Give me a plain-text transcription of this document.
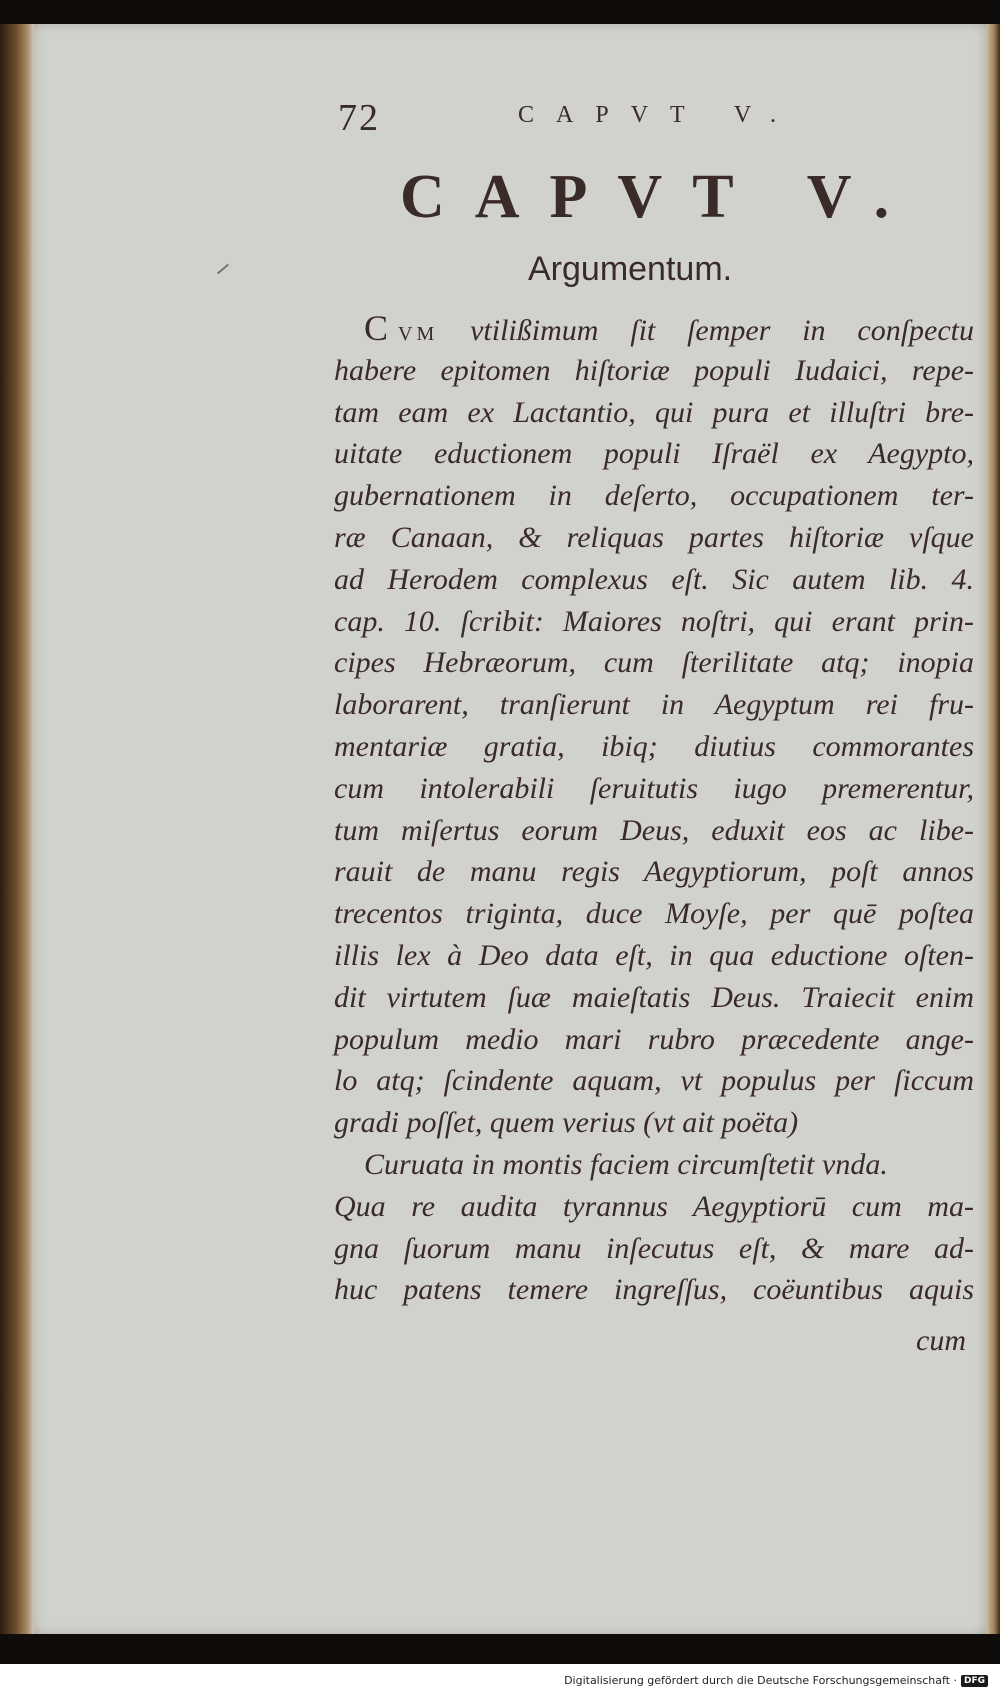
72	CAPVT V.
CAPVT V.
Argumentum.
CVM vtilißimum ſit ſemper in conſpectu
habere epitomen hiſtoriæ populi Iudaici, repe-
tam eam ex Lactantio, qui pura et illuſtri bre-
uitate eductionem populi Iſraël ex Aegypto,
gubernationem in deſerto, occupationem ter-
ræ Canaan, & reliquas partes hiſtoriæ vſque
ad Herodem complexus eſt. Sic autem lib. 4.
cap. 10. ſcribit: Maiores noſtri, qui erant prin-
cipes Hebræorum, cum ſterilitate atq; inopia
laborarent, tranſierunt in Aegyptum rei fru-
mentariæ gratia, ibiq; diutius commorantes
cum intolerabili ſeruitutis iugo premerentur,
tum miſertus eorum Deus, eduxit eos ac libe-
rauit de manu regis Aegyptiorum, poſt annos
trecentos triginta, duce Moyſe, per quē poſtea
illis lex à Deo data eſt, in qua eductione oſten-
dit virtutem ſuæ maieſtatis Deus. Traiecit enim
populum medio mari rubro præcedente ange-
lo atq; ſcindente aquam, vt populus per ſiccum
gradi poſſet, quem verius (vt ait poëta)
Curuata in montis faciem circumſtetit vnda.
Qua re audita tyrannus Aegyptiorū cum ma-
gna ſuorum manu inſecutus eſt, & mare ad-
huc patens temere ingreſſus, coëuntibus aquis
cum
Digitalisierung gefördert durch die Deutsche Forschungsgemeinschaft · DFG
